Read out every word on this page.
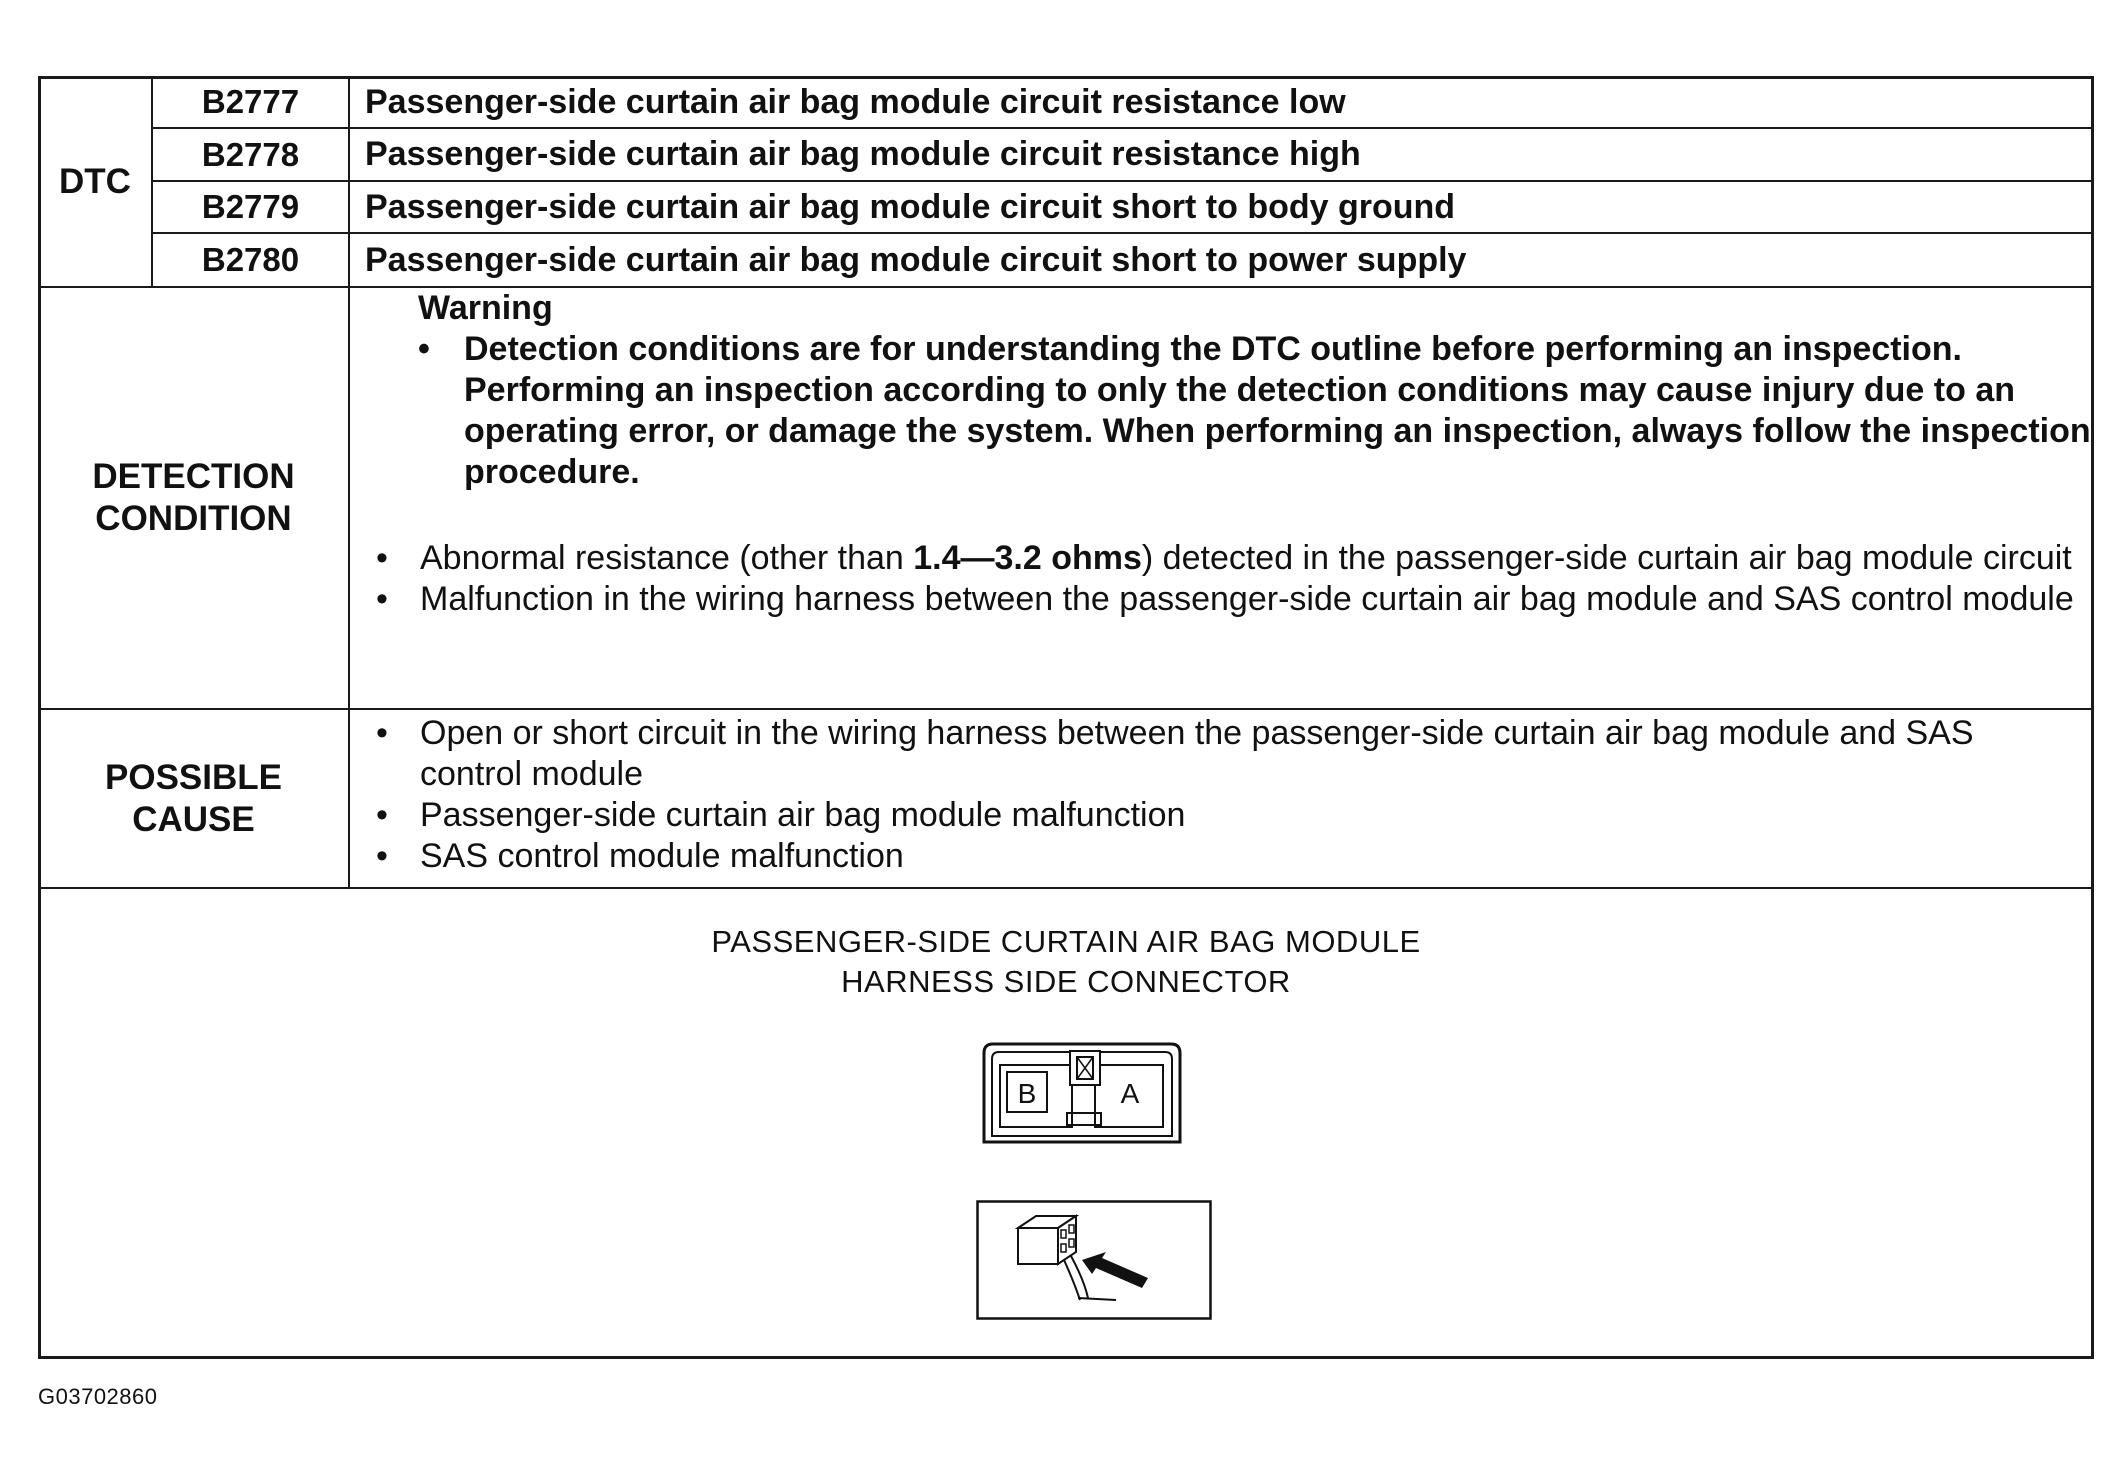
DTC
B2777	Passenger-side curtain air bag module circuit resistance low
B2778	Passenger-side curtain air bag module circuit resistance high
B2779	Passenger-side curtain air bag module circuit short to body ground
B2780	Passenger-side curtain air bag module circuit short to power supply
DETECTION
CONDITION
Warning
• Detection conditions are for understanding the DTC outline before performing an inspection. Performing an inspection according to only the detection conditions may cause injury due to an operating error, or damage the system. When performing an inspection, always follow the inspection procedure.
• Abnormal resistance (other than 1.4—3.2 ohms) detected in the passenger-side curtain air bag module circuit
• Malfunction in the wiring harness between the passenger-side curtain air bag module and SAS control module
POSSIBLE
CAUSE
• Open or short circuit in the wiring harness between the passenger-side curtain air bag module and SAS control module
• Passenger-side curtain air bag module malfunction
• SAS control module malfunction
PASSENGER-SIDE CURTAIN AIR BAG MODULE
HARNESS SIDE CONNECTOR
B	A
G03702860
